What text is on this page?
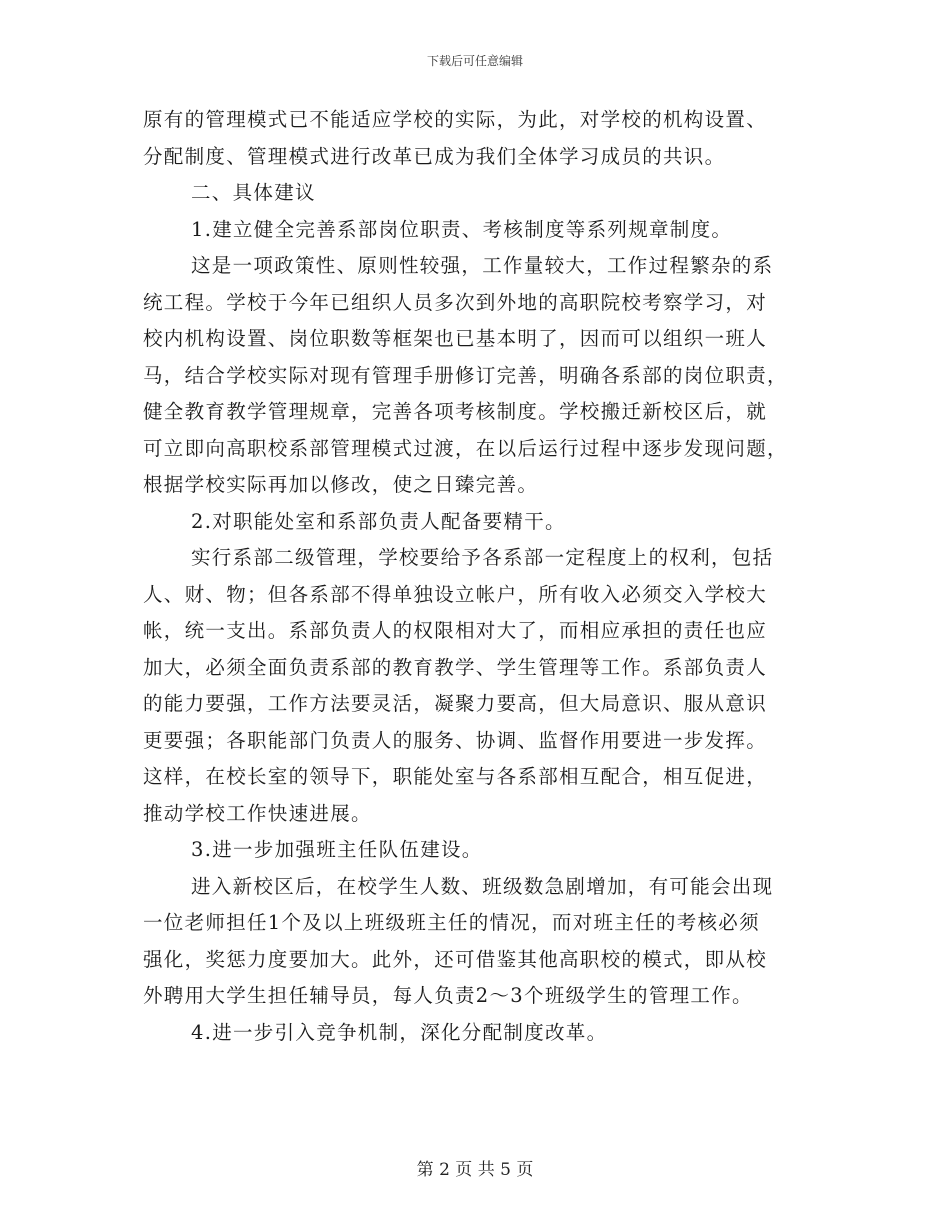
下载后可任意编辑
原有的管理模式已不能适应学校的实际，为此，对学校的机构设置、
分配制度、管理模式进行改革已成为我们全体学习成员的共识。
二、具体建议
1.建立健全完善系部岗位职责、考核制度等系列规章制度。
这是一项政策性、原则性较强，工作量较大，工作过程繁杂的系
统工程。学校于今年已组织人员多次到外地的高职院校考察学习，对
校内机构设置、岗位职数等框架也已基本明了，因而可以组织一班人
马，结合学校实际对现有管理手册修订完善，明确各系部的岗位职责，
健全教育教学管理规章，完善各项考核制度。学校搬迁新校区后，就
可立即向高职校系部管理模式过渡，在以后运行过程中逐步发现问题，
根据学校实际再加以修改，使之日臻完善。
2.对职能处室和系部负责人配备要精干。
实行系部二级管理，学校要给予各系部一定程度上的权利，包括
人、财、物；但各系部不得单独设立帐户，所有收入必须交入学校大
帐，统一支出。系部负责人的权限相对大了，而相应承担的责任也应
加大，必须全面负责系部的教育教学、学生管理等工作。系部负责人
的能力要强，工作方法要灵活，凝聚力要高，但大局意识、服从意识
更要强；各职能部门负责人的服务、协调、监督作用要进一步发挥。
这样，在校长室的领导下，职能处室与各系部相互配合，相互促进，
推动学校工作快速进展。
3.进一步加强班主任队伍建设。
进入新校区后，在校学生人数、班级数急剧增加，有可能会出现
一位老师担任1个及以上班级班主任的情况，而对班主任的考核必须
强化，奖惩力度要加大。此外，还可借鉴其他高职校的模式，即从校
外聘用大学生担任辅导员，每人负责2～3个班级学生的管理工作。
4.进一步引入竞争机制，深化分配制度改革。
第 2 页 共 5 页
